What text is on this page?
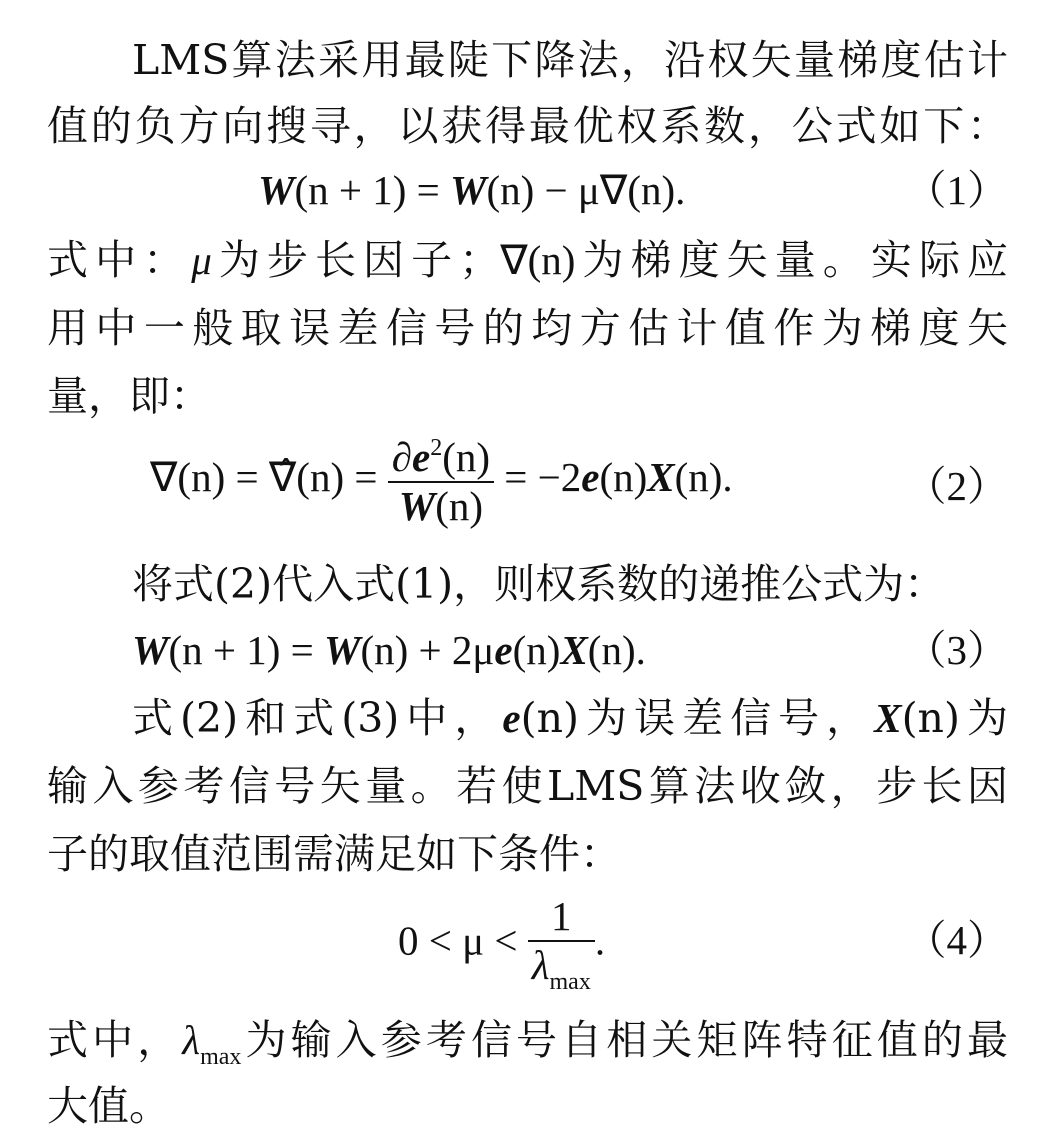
LMS算法采用最陡下降法，沿权矢量梯度估计
值的负方向搜寻，以获得最优权系数，公式如下：
W(n + 1) = W(n) − μ∇(n).	（1）
式中：μ为步长因子；∇(n)为梯度矢量。实际应
用中一般取误差信号的均方估计值作为梯度矢
量，即：
∇(n) = ∇̂(n) = $\frac{\partial e^2(n)}{W(n)} = -2e(n)X(n)$.	（2）
将式(2)代入式(1)，则权系数的递推公式为：
W(n + 1) = W(n) + 2μe(n)X(n).	（3）
式(2)和式(3)中，e(n)为误差信号，X(n)为
输入参考信号矢量。若使LMS算法收敛，步长因
子的取值范围需满足如下条件：
$0 < \mu < \frac{1}{\lambda_{max}}$ .	（4）
式中，$\lambda_{max}$为输入参考信号自相关矩阵特征值的最
大值。
